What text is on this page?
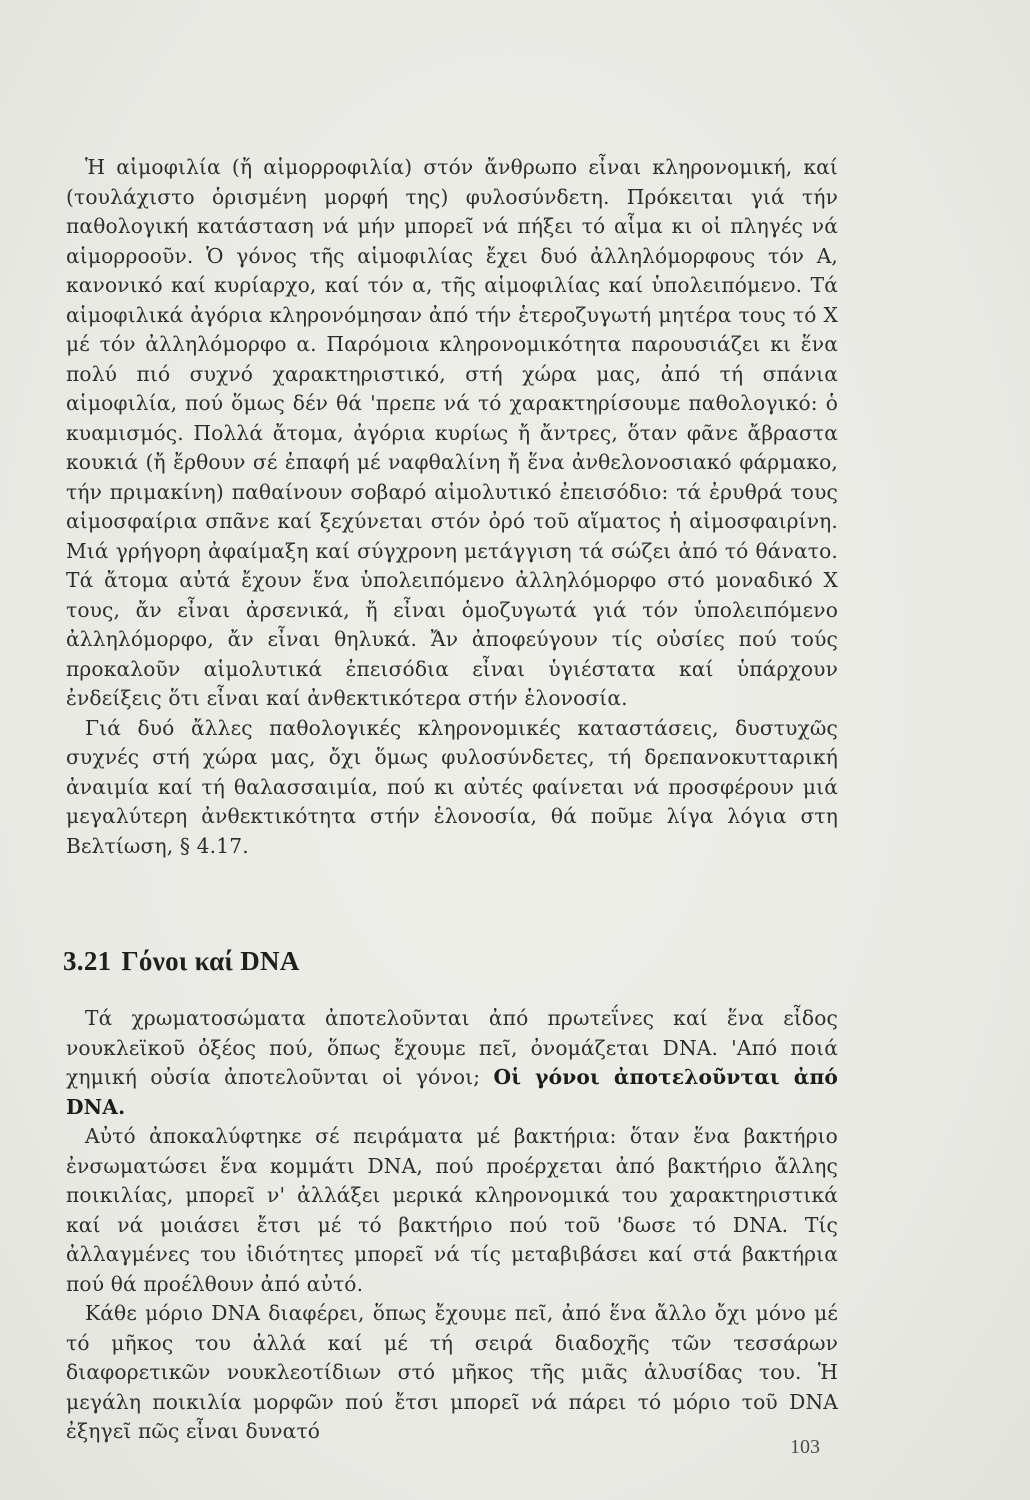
Ἡ αἱμοφιλία (ἤ αἱμορροφιλία) στόν ἄνθρωπο εἶναι κληρονομική, καί (τουλάχιστο ὁρισμένη μορφή της) φυλοσύνδετη. Πρόκειται γιά τήν παθολογική κατάσταση νά μήν μπορεῖ νά πήξει τό αἷμα κι οἱ πληγές νά αἱμορροοῦν. Ὁ γόνος τῆς αἱμοφιλίας ἔχει δυό ἀλληλόμορφους τόν A, κανονικό καί κυρίαρχο, καί τόν α, τῆς αἱμοφιλίας καί ὑπολειπόμενο. Τά αἱμοφιλικά ἀγόρια κληρονόμησαν ἀπό τήν ἑτεροζυγωτή μητέρα τους τό X μέ τόν ἀλληλόμορφο α. Παρόμοια κληρονομικότητα παρουσιάζει κι ἕνα πολύ πιό συχνό χαρακτηριστικό, στή χώρα μας, ἀπό τή σπάνια αἱμοφιλία, πού ὅμως δέν θά 'πρεπε νά τό χαρακτηρίσουμε παθολογικό: ὁ κυαμισμός. Πολλά ἄτομα, ἀγόρια κυρίως ἤ ἄντρες, ὅταν φᾶνε ἄβραστα κουκιά (ἤ ἔρθουν σέ ἐπαφή μέ ναφθαλίνη ἤ ἕνα ἀνθελονοσιακό φάρμακο, τήν πριμακίνη) παθαίνουν σοβαρό αἱμολυτικό ἐπεισόδιο: τά ἐρυθρά τους αἱμοσφαίρια σπᾶνε καί ξεχύνεται στόν ὀρό τοῦ αἵματος ἡ αἱμοσφαιρίνη. Μιά γρήγορη ἀφαίμαξη καί σύγχρονη μετάγγιση τά σώζει ἀπό τό θάνατο. Τά ἄτομα αὐτά ἔχουν ἕνα ὑπολειπόμενο ἀλληλόμορφο στό μοναδικό X τους, ἄν εἶναι ἀρσενικά, ἤ εἶναι ὁμοζυγωτά γιά τόν ὑπολειπόμενο ἀλληλόμορφο, ἄν εἶναι θηλυκά. Ἄν ἀποφεύγουν τίς οὐσίες πού τούς προκαλοῦν αἱμολυτικά ἐπεισόδια εἶναι ὑγιέστατα καί ὑπάρχουν ἐνδείξεις ὅτι εἶναι καί ἀνθεκτικότερα στήν ἑλονοσία.

Γιά δυό ἄλλες παθολογικές κληρονομικές καταστάσεις, δυστυχῶς συχνές στή χώρα μας, ὄχι ὅμως φυλοσύνδετες, τή δρεπανοκυτταρική ἀναιμία καί τή θαλασσαιμία, πού κι αὐτές φαίνεται νά προσφέρουν μιά μεγαλύτερη ἀνθεκτικότητα στήν ἑλονοσία, θά ποῦμε λίγα λόγια στη Βελτίωση, § 4.17.

3.21 Γόνοι καί DNA

Τά χρωματοσώματα ἀποτελοῦνται ἀπό πρωτεΐνες καί ἕνα εἶδος νουκλεϊκοῦ ὀξέος πού, ὅπως ἔχουμε πεῖ, ὀνομάζεται DNA. 'Από ποιά χημική οὐσία ἀποτελοῦνται οἱ γόνοι; Οἱ γόνοι ἀποτελοῦνται ἀπό DNA.

Αὐτό ἀποκαλύφτηκε σέ πειράματα μέ βακτήρια: ὅταν ἕνα βακτήριο ἐνσωματώσει ἕνα κομμάτι DNA, πού προέρχεται ἀπό βακτήριο ἄλλης ποικιλίας, μπορεῖ ν' ἀλλάξει μερικά κληρονομικά του χαρακτηριστικά καί νά μοιάσει ἔτσι μέ τό βακτήριο πού τοῦ 'δωσε τό DNA. Τίς ἀλλαγμένες του ἰδιότητες μπορεῖ νά τίς μεταβιβάσει καί στά βακτήρια πού θά προέλθουν ἀπό αὐτό.

Κάθε μόριο DNA διαφέρει, ὅπως ἔχουμε πεῖ, ἀπό ἕνα ἄλλο ὄχι μόνο μέ τό μῆκος του ἀλλά καί μέ τή σειρά διαδοχῆς τῶν τεσσάρων διαφορετικῶν νουκλεοτίδιων στό μῆκος τῆς μιᾶς ἁλυσίδας του. Ἡ μεγάλη ποικιλία μορφῶν πού ἔτσι μπορεῖ νά πάρει τό μόριο τοῦ DNA ἐξηγεῖ πῶς εἶναι δυνατό

103
